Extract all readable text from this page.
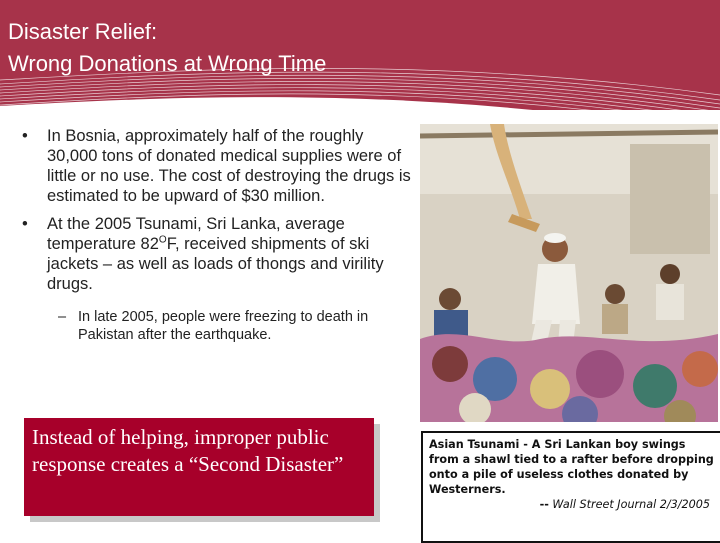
Disaster Relief:
Wrong Donations at Wrong Time
• In Bosnia, approximately half of the roughly 30,000 tons of donated medical supplies were of little or no use. The cost of destroying the drugs is estimated to be upward of $30 million.
• At the 2005 Tsunami, Sri Lanka, average temperature $82^OF$, received shipments of ski jackets – as well as loads of thongs and virility drugs.
– In late 2005, people were freezing to death in Pakistan after the earthquake.
Instead of helping, improper public response creates a “Second Disaster”
Asian Tsunami - A Sri Lankan boy swings from a shawl tied to a rafter before dropping onto a pile of useless clothes donated by Westerners.
-- Wall Street Journal 2/3/2005
